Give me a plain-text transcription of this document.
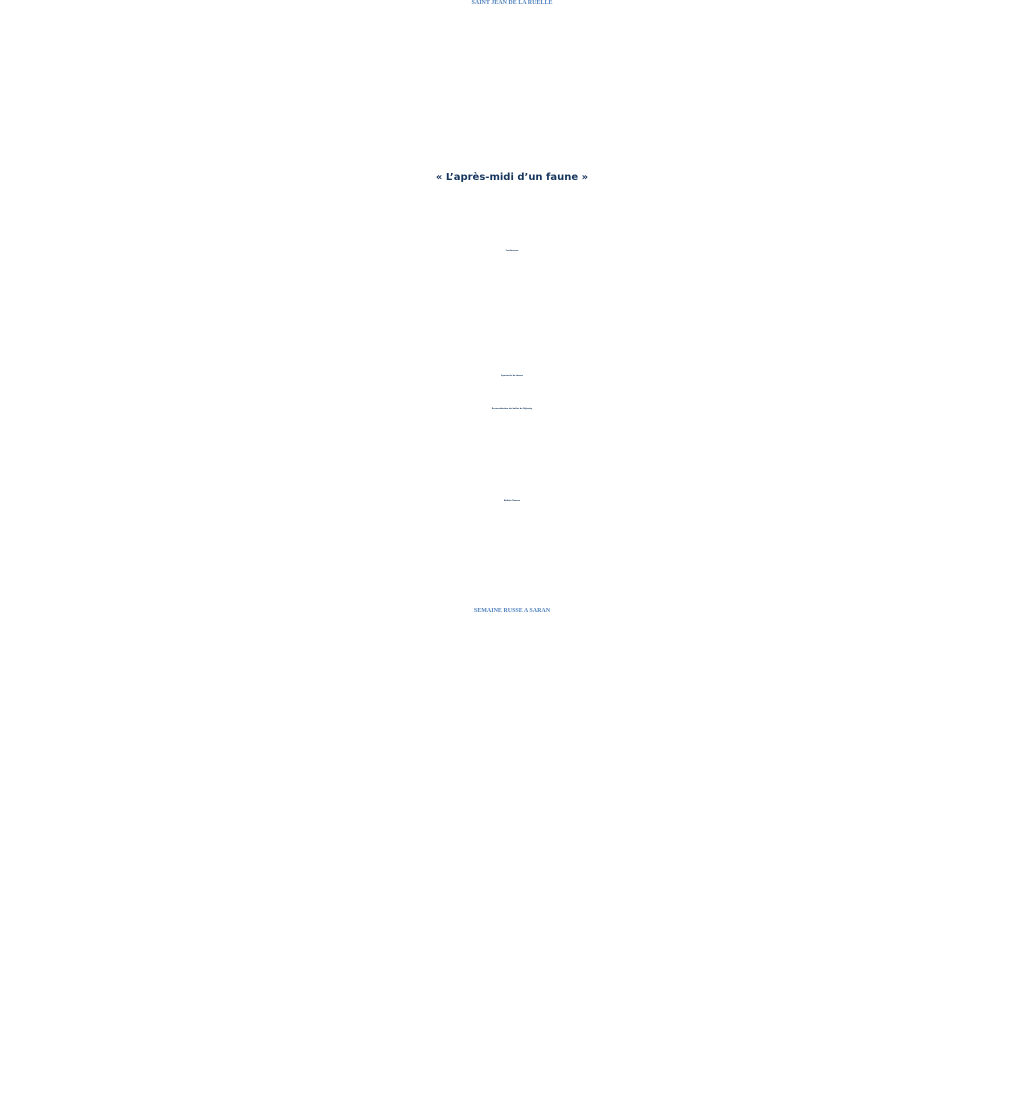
SAINT JEAN DE LA RUELLE
« L’après-midi d’un faune »
Conférence
Spectacle de danse
Reconstitution du ballet de Nijinsky
Ballets Russes
SEMAINE RUSSE A SARAN
